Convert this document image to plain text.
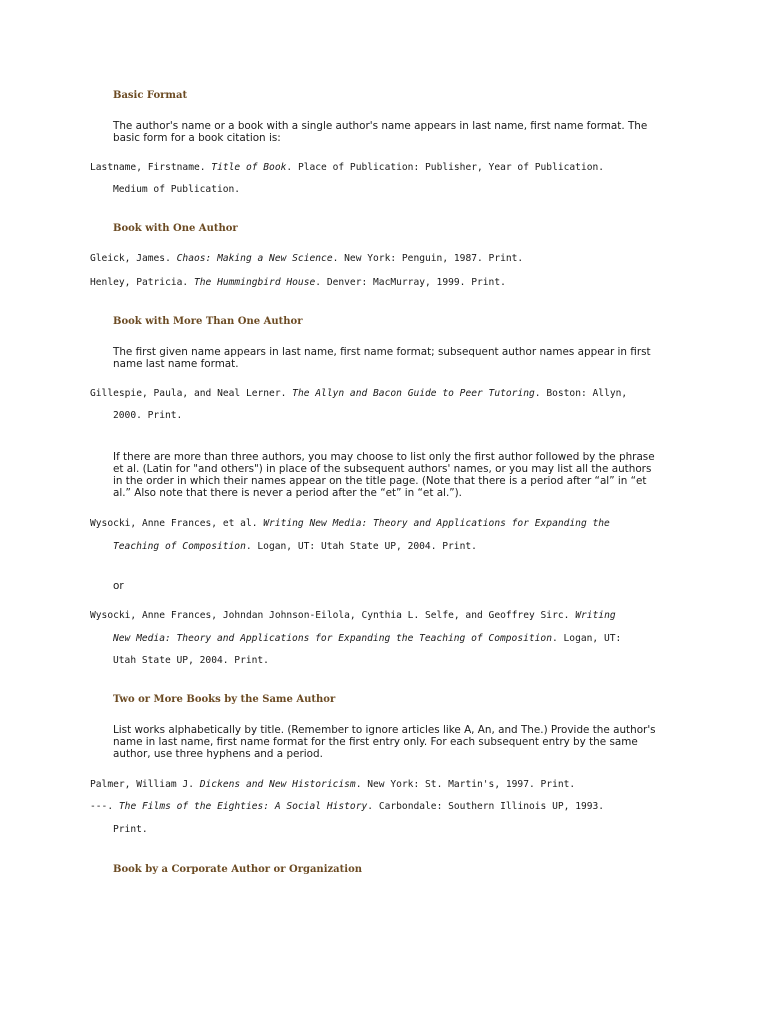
Basic Format
The author's name or a book with a single author's name appears in last name, first name format. The basic form for a book citation is:
Lastname, Firstname. Title of Book. Place of Publication: Publisher, Year of Publication.
Medium of Publication.
Book with One Author
Gleick, James. Chaos: Making a New Science. New York: Penguin, 1987. Print.
Henley, Patricia. The Hummingbird House. Denver: MacMurray, 1999. Print.
Book with More Than One Author
The first given name appears in last name, first name format; subsequent author names appear in first name last name format.
Gillespie, Paula, and Neal Lerner. The Allyn and Bacon Guide to Peer Tutoring. Boston: Allyn,
2000. Print.
If there are more than three authors, you may choose to list only the first author followed by the phrase et al. (Latin for "and others") in place of the subsequent authors' names, or you may list all the authors in the order in which their names appear on the title page. (Note that there is a period after “al” in “et al.” Also note that there is never a period after the “et” in “et al.”).
Wysocki, Anne Frances, et al. Writing New Media: Theory and Applications for Expanding the
Teaching of Composition. Logan, UT: Utah State UP, 2004. Print.
or
Wysocki, Anne Frances, Johndan Johnson-Eilola, Cynthia L. Selfe, and Geoffrey Sirc. Writing
New Media: Theory and Applications for Expanding the Teaching of Composition. Logan, UT:
Utah State UP, 2004. Print.
Two or More Books by the Same Author
List works alphabetically by title. (Remember to ignore articles like A, An, and The.) Provide the author's name in last name, first name format for the first entry only. For each subsequent entry by the same author, use three hyphens and a period.
Palmer, William J. Dickens and New Historicism. New York: St. Martin's, 1997. Print.
---. The Films of the Eighties: A Social History. Carbondale: Southern Illinois UP, 1993.
Print.
Book by a Corporate Author or Organization
